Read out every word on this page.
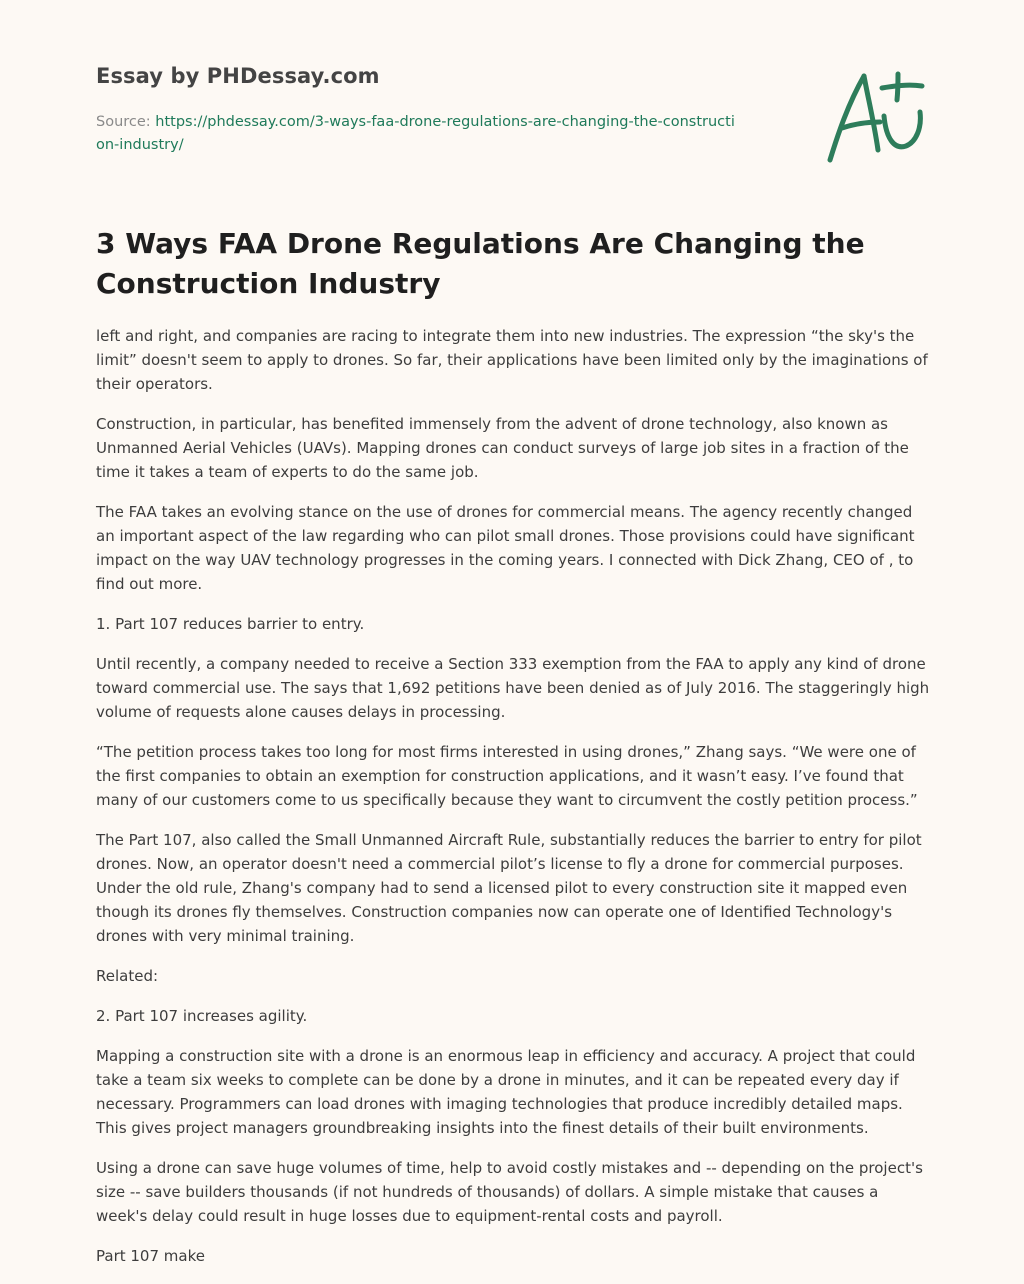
Essay by PHDessay.com
Source: https://phdessay.com/3-ways-faa-drone-regulations-are-changing-the-construction-industry/
3 Ways FAA Drone Regulations Are Changing the Construction Industry

left and right, and companies are racing to integrate them into new industries. The expression “the sky's the limit” doesn't seem to apply to drones. So far, their applications have been limited only by the imaginations of their operators.

Construction, in particular, has benefited immensely from the advent of drone technology, also known as Unmanned Aerial Vehicles (UAVs). Mapping drones can conduct surveys of large job sites in a fraction of the time it takes a team of experts to do the same job.

The FAA takes an evolving stance on the use of drones for commercial means. The agency recently changed an important aspect of the law regarding who can pilot small drones. Those provisions could have significant impact on the way UAV technology progresses in the coming years. I connected with Dick Zhang, CEO of , to find out more.

1. Part 107 reduces barrier to entry.

Until recently, a company needed to receive a Section 333 exemption from the FAA to apply any kind of drone toward commercial use. The says that 1,692 petitions have been denied as of July 2016. The staggeringly high volume of requests alone causes delays in processing.

“The petition process takes too long for most firms interested in using drones,” Zhang says. “We were one of the first companies to obtain an exemption for construction applications, and it wasn’t easy. I’ve found that many of our customers come to us specifically because they want to circumvent the costly petition process.”

The Part 107, also called the Small Unmanned Aircraft Rule, substantially reduces the barrier to entry for pilot drones. Now, an operator doesn't need a commercial pilot’s license to fly a drone for commercial purposes. Under the old rule, Zhang's company had to send a licensed pilot to every construction site it mapped even though its drones fly themselves. Construction companies now can operate one of Identified Technology's drones with very minimal training.

Related:

2. Part 107 increases agility.

Mapping a construction site with a drone is an enormous leap in efficiency and accuracy. A project that could take a team six weeks to complete can be done by a drone in minutes, and it can be repeated every day if necessary. Programmers can load drones with imaging technologies that produce incredibly detailed maps. This gives project managers groundbreaking insights into the finest details of their built environments.

Using a drone can save huge volumes of time, help to avoid costly mistakes and -- depending on the project's size -- save builders thousands (if not hundreds of thousands) of dollars. A simple mistake that causes a week's delay could result in huge losses due to equipment-rental costs and payroll.

Part 107 make
